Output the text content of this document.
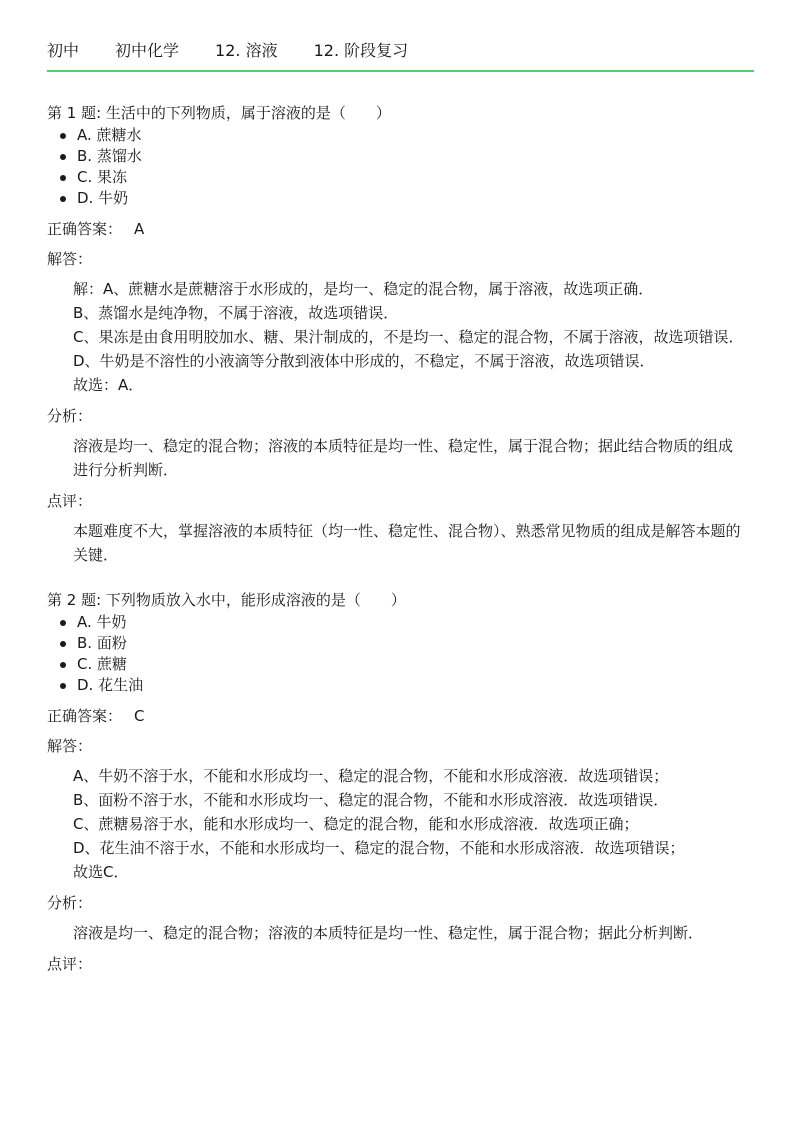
初中 初中化学 12. 溶液 12. 阶段复习
第 1 题: 生活中的下列物质，属于溶液的是（　　）
A. 蔗糖水
B. 蒸馏水
C. 果冻
D. 牛奶
正确答案： A
解答：

解：A、蔗糖水是蔗糖溶于水形成的，是均一、稳定的混合物，属于溶液，故选项正确．

B、蒸馏水是纯净物，不属于溶液，故选项错误．

C、果冻是由食用明胶加水、糖、果汁制成的，不是均一、稳定的混合物，不属于溶液，故选项错误．

D、牛奶是不溶性的小液滴等分散到液体中形成的，不稳定，不属于溶液，故选项错误．

故选：A．

分析：

溶液是均一、稳定的混合物；溶液的本质特征是均一性、稳定性，属于混合物；据此结合物质的组成进行分析判断．

点评：

本题难度不大，掌握溶液的本质特征（均一性、稳定性、混合物）、熟悉常见物质的组成是解答本题的关键．

第 2 题: 下列物质放入水中，能形成溶液的是（　　）
A. 牛奶
B. 面粉
C. 蔗糖
D. 花生油
正确答案： C
解答：

A、牛奶不溶于水，不能和水形成均一、稳定的混合物，不能和水形成溶液．故选项错误；

B、面粉不溶于水，不能和水形成均一、稳定的混合物，不能和水形成溶液．故选项错误．

C、蔗糖易溶于水，能和水形成均一、稳定的混合物，能和水形成溶液．故选项正确；

D、花生油不溶于水，不能和水形成均一、稳定的混合物，不能和水形成溶液．故选项错误；

故选C．

分析：

溶液是均一、稳定的混合物；溶液的本质特征是均一性、稳定性，属于混合物；据此分析判断．

点评：
